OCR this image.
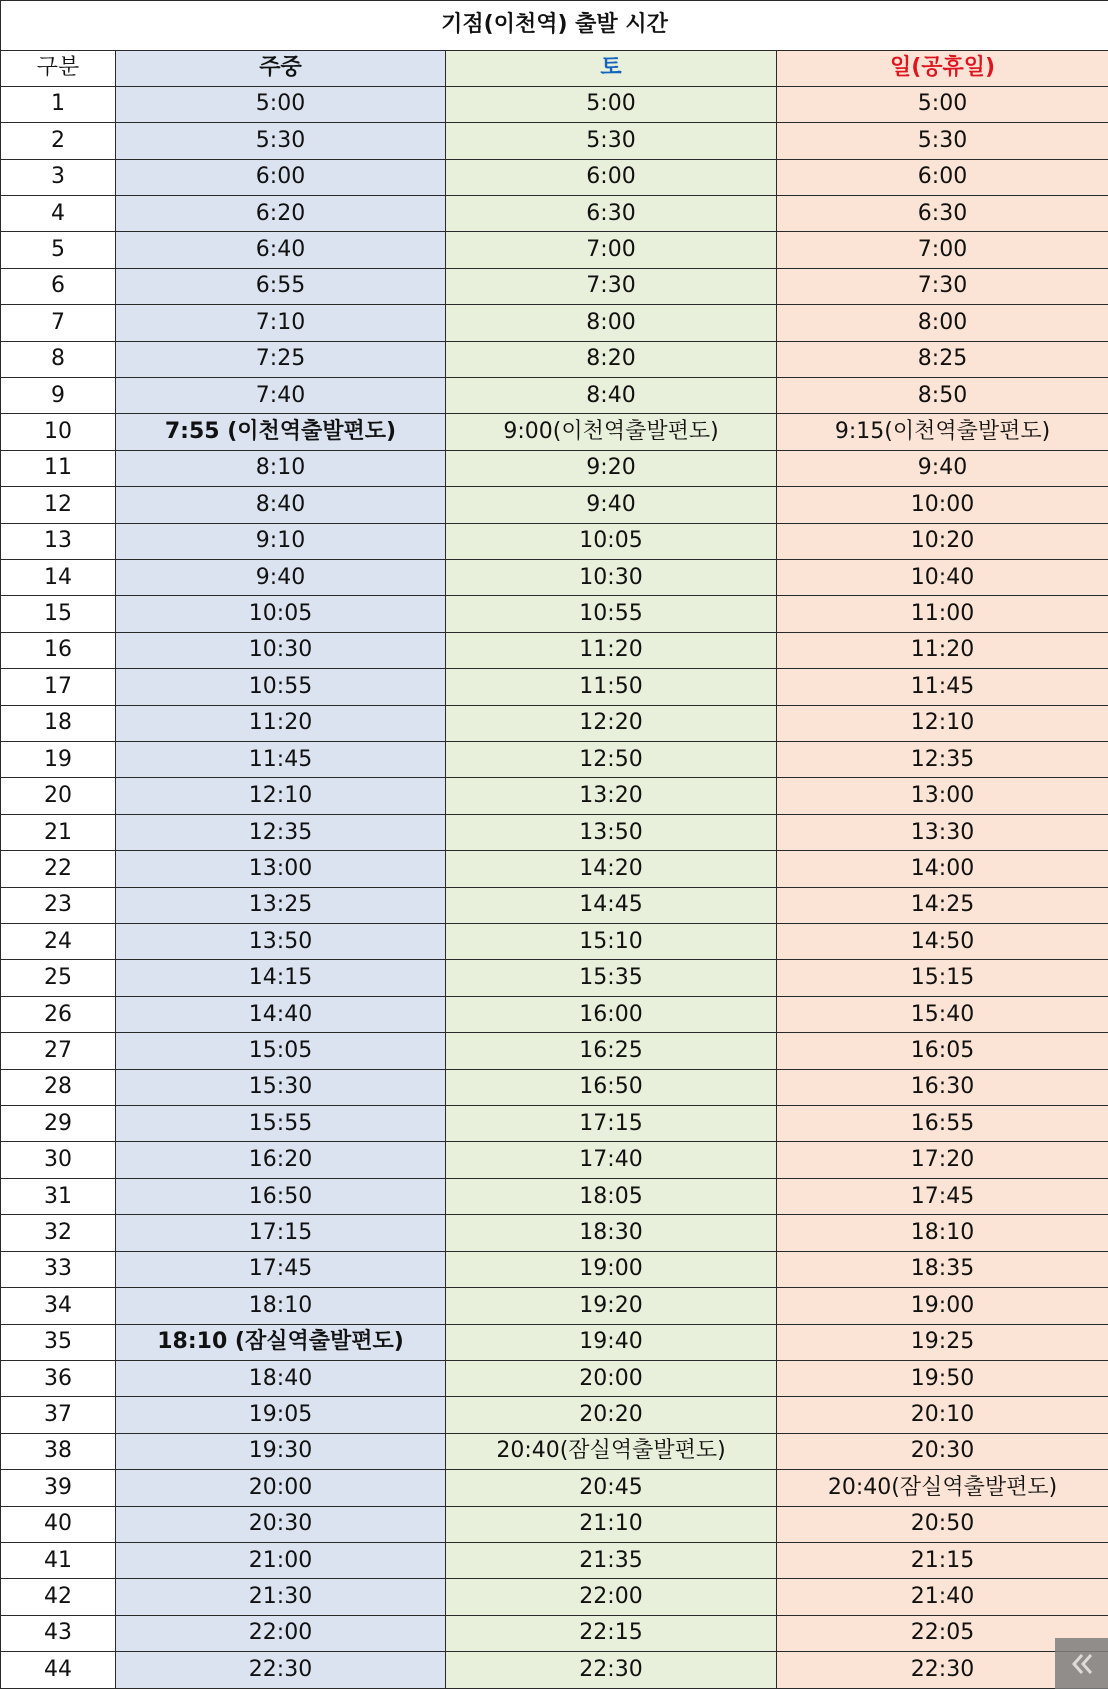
기점(이천역) 출발 시간			
구분	주중	토	일(공휴일)
1	5:00	5:00	5:00
2	5:30	5:30	5:30
3	6:00	6:00	6:00
4	6:20	6:30	6:30
5	6:40	7:00	7:00
6	6:55	7:30	7:30
7	7:10	8:00	8:00
8	7:25	8:20	8:25
9	7:40	8:40	8:50
10	7:55 (이천역출발편도)	9:00(이천역출발편도)	9:15(이천역출발편도)
11	8:10	9:20	9:40
12	8:40	9:40	10:00
13	9:10	10:05	10:20
14	9:40	10:30	10:40
15	10:05	10:55	11:00
16	10:30	11:20	11:20
17	10:55	11:50	11:45
18	11:20	12:20	12:10
19	11:45	12:50	12:35
20	12:10	13:20	13:00
21	12:35	13:50	13:30
22	13:00	14:20	14:00
23	13:25	14:45	14:25
24	13:50	15:10	14:50
25	14:15	15:35	15:15
26	14:40	16:00	15:40
27	15:05	16:25	16:05
28	15:30	16:50	16:30
29	15:55	17:15	16:55
30	16:20	17:40	17:20
31	16:50	18:05	17:45
32	17:15	18:30	18:10
33	17:45	19:00	18:35
34	18:10	19:20	19:00
35	18:10 (잠실역출발편도)	19:40	19:25
36	18:40	20:00	19:50
37	19:05	20:20	20:10
38	19:30	20:40(잠실역출발편도)	20:30
39	20:00	20:45	20:40(잠실역출발편도)
40	20:30	21:10	20:50
41	21:00	21:35	21:15
42	21:30	22:00	21:40
43	22:00	22:15	22:05
44	22:30	22:30	22:30
